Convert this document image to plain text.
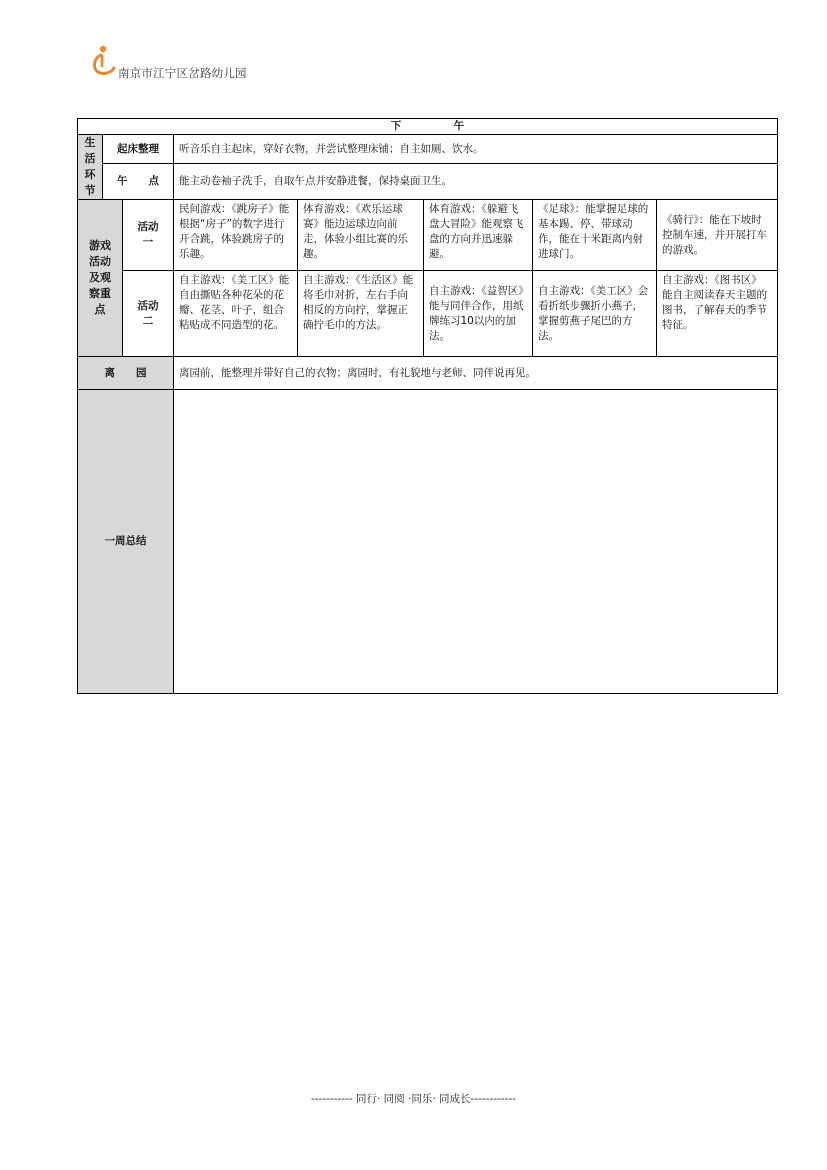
南京市江宁区岔路幼儿园
下　　　　　午							

生活环节	起床整理		听音乐自主起床，穿好衣物，并尝试整理床铺；自主如厕、饮水。				
	午　　点		能主动卷袖子洗手，自取午点并安静进餐，保持桌面卫生。				

游戏活动及观察重点		活动一	民间游戏：《跳房子》能根据“房子”的数字进行开合跳，体验跳房子的乐趣。	体育游戏：《欢乐运球赛》能边运球边向前走，体验小组比赛的乐趣。	体育游戏：《躲避飞盘大冒险》能观察飞盘的方向并迅速躲避。	《足球》：能掌握足球的基本踢、停、带球动作，能在十米距离内射进球门。	《骑行》：能在下坡时控制车速，并开展打车的游戏。

		活动二	自主游戏：《美工区》能自由撕贴各种花朵的花瓣、花茎、叶子，组合粘贴成不同造型的花。	自主游戏：《生活区》能将毛巾对折，左右手向相反的方向拧，掌握正确拧毛巾的方法。	自主游戏：《益智区》能与同伴合作，用纸牌练习10以内的加法。	自主游戏：《美工区》会看折纸步骤折小燕子，掌握剪燕子尾巴的方法。	自主游戏：《图书区》能自主阅读春天主题的图书，了解春天的季节特征。
离　　园			离园前，能整理并带好自己的衣物；离园时，有礼貌地与老师、同伴说再见。				
一周总结							
----------- 同行· 同阅 ·同乐· 同成长------------
